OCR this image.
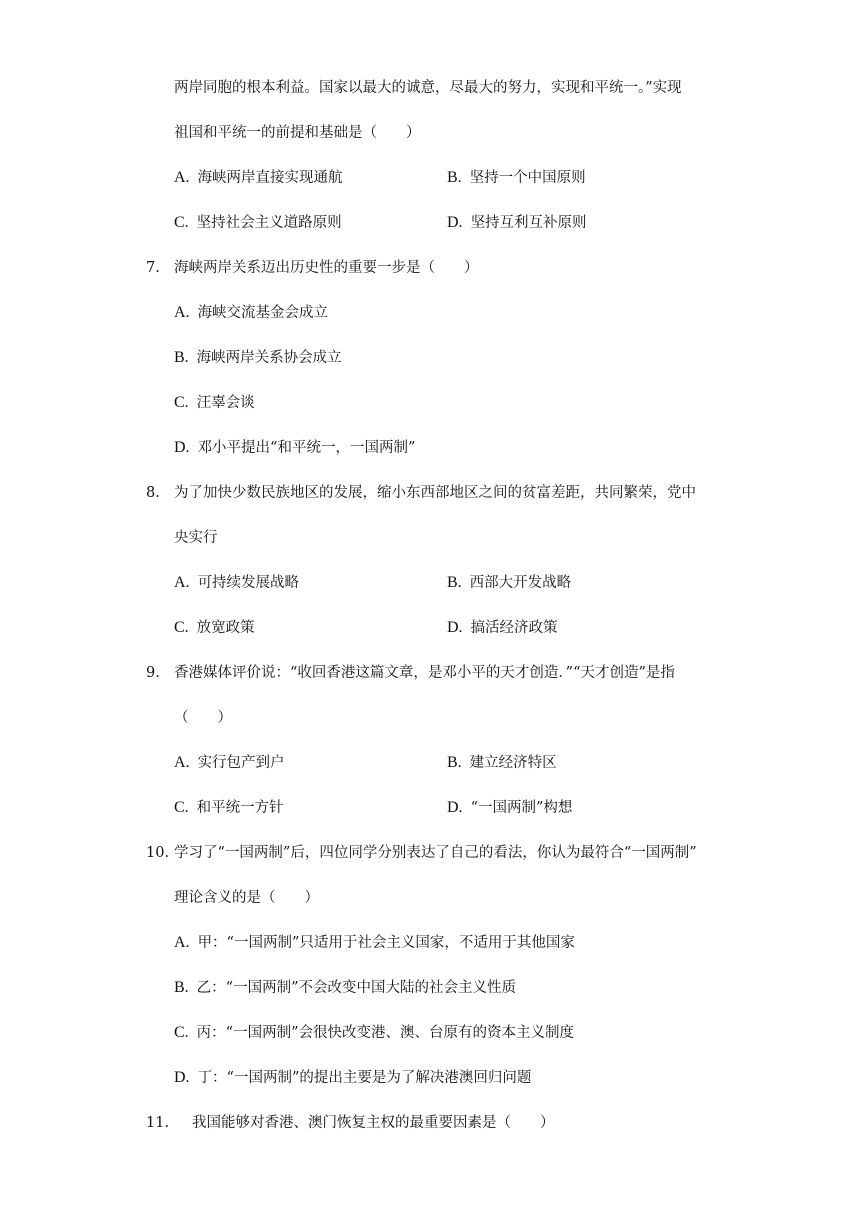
两岸同胞的根本利益。国家以最大的诚意，尽最大的努力，实现和平统一。”实现
祖国和平统一的前提和基础是（　　）
A. 海峡两岸直接实现通航	B. 坚持一个中国原则
C. 坚持社会主义道路原则	D. 坚持互利互补原则
7. 海峡两岸关系迈出历史性的重要一步是（　　）
A. 海峡交流基金会成立
B. 海峡两岸关系协会成立
C. 汪辜会谈
D. 邓小平提出“和平统一，一国两制”
8. 为了加快少数民族地区的发展，缩小东西部地区之间的贫富差距，共同繁荣，党中
央实行
A. 可持续发展战略	B. 西部大开发战略
C. 放宽政策	D. 搞活经济政策
9. 香港媒体评价说：“收回香港这篇文章，是邓小平的天才创造．”“天才创造”是指
（　　）
A. 实行包产到户	B. 建立经济特区
C. 和平统一方针	D. “一国两制”构想
10. 学习了“一国两制”后，四位同学分别表达了自己的看法，你认为最符合“一国两制”
理论含义的是（　　）
A. 甲：“一国两制”只适用于社会主义国家，不适用于其他国家
B. 乙：“一国两制”不会改变中国大陆的社会主义性质
C. 丙：“一国两制”会很快改变港、澳、台原有的资本主义制度
D. 丁：“一国两制”的提出主要是为了解决港澳回归问题
11. 我国能够对香港、澳门恢复主权的最重要因素是（　　）
